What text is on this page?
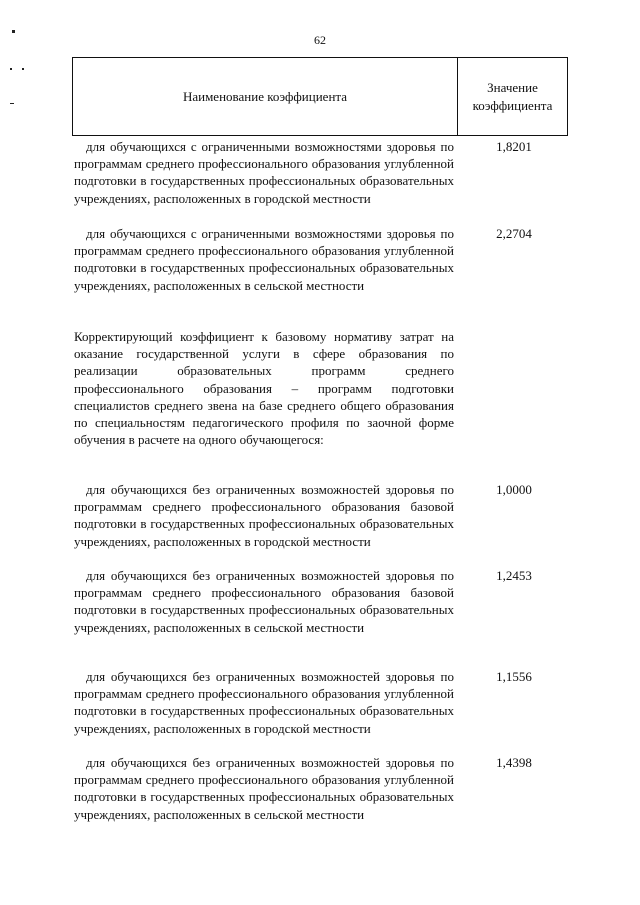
62
Наименование коэффициента
Значение
коэффициента

для обучающихся с ограниченными возможностями здоровья по программам среднего профессионального образования углубленной подготовки в государственных профессиональных образовательных учреждениях, расположенных в городской местности

1,8201

для обучающихся с ограниченными возможностями здоровья по программам среднего профессионального образования углубленной подготовки в государственных профессиональных образовательных учреждениях, расположенных в сельской местности

2,2704

Корректирующий коэффициент к базовому нормативу затрат на оказание государственной услуги в сфере образования по реализации образовательных программ среднего профессионального образования – программ подготовки специалистов среднего звена на базе среднего общего образования по специальностям педагогического профиля по заочной форме обучения в расчете на одного обучающегося:

для обучающихся без ограниченных возможностей здоровья по программам среднего профессионального образования базовой подготовки в государственных профессиональных образовательных учреждениях, расположенных в городской местности

1,0000

для обучающихся без ограниченных возможностей здоровья по программам среднего профессионального образования базовой подготовки в государственных профессиональных образовательных учреждениях, расположенных в сельской местности

1,2453

для обучающихся без ограниченных возможностей здоровья по программам среднего профессионального образования углубленной подготовки в государственных профессиональных образовательных учреждениях, расположенных в городской местности

1,1556

для обучающихся без ограниченных возможностей здоровья по программам среднего профессионального образования углубленной подготовки в государственных профессиональных образовательных учреждениях, расположенных в сельской местности

1,4398
